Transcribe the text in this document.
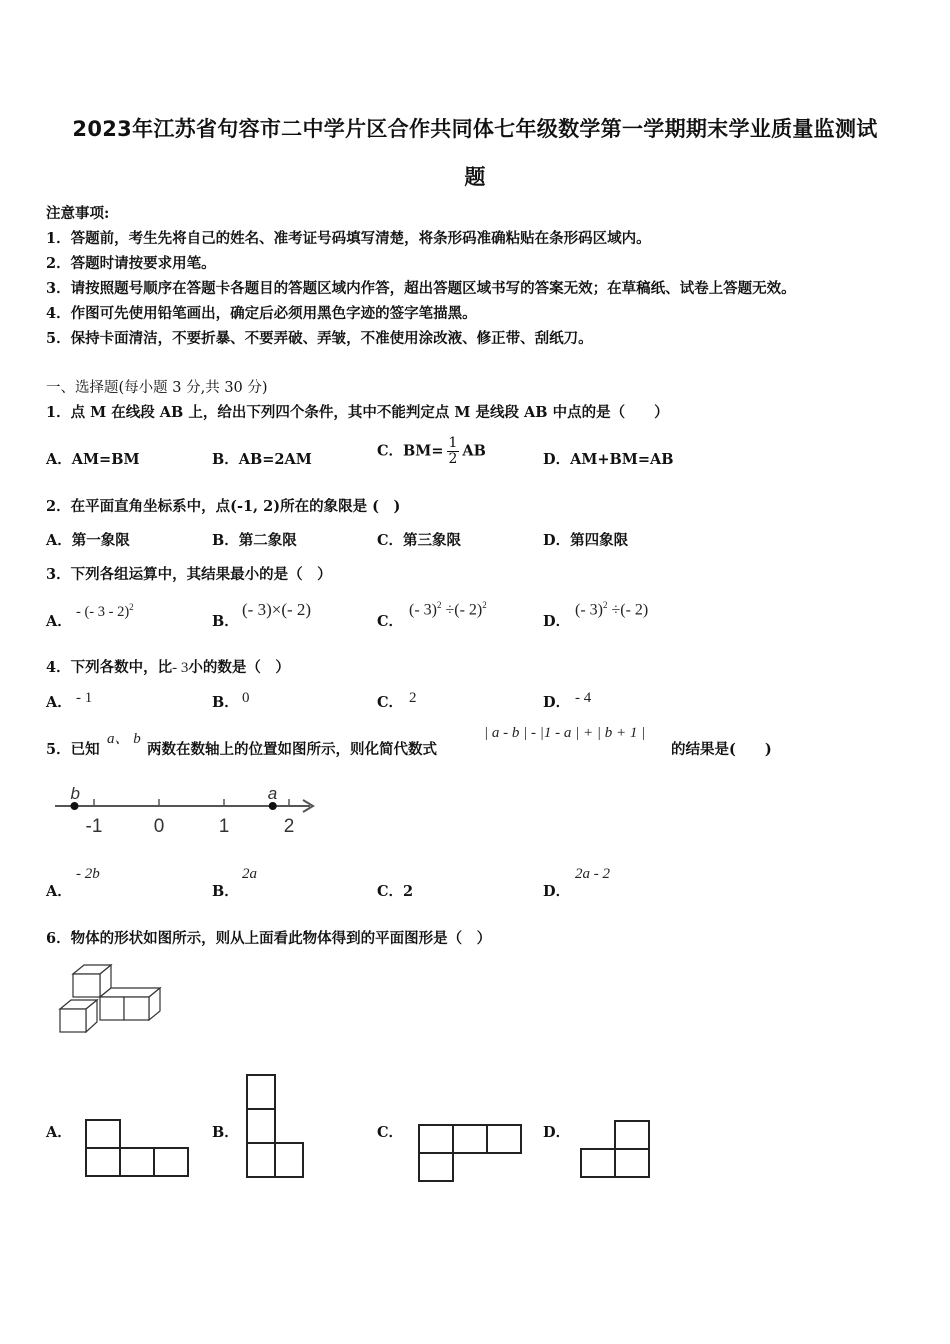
2023年江苏省句容市二中学片区合作共同体七年级数学第一学期期末学业质量监测试
题
注意事项:
1．答题前，考生先将自己的姓名、准考证号码填写清楚，将条形码准确粘贴在条形码区域内。
2．答题时请按要求用笔。
3．请按照题号顺序在答题卡各题目的答题区域内作答，超出答题区域书写的答案无效；在草稿纸、试卷上答题无效。
4．作图可先使用铅笔画出，确定后必须用黑色字迹的签字笔描黑。
5．保持卡面清洁，不要折暴、不要弄破、弄皱，不准使用涂改液、修正带、刮纸刀。
一、选择题(每小题 3 分,共 30 分)
1．点 M 在线段 AB 上，给出下列四个条件，其中不能判定点 M 是线段 AB 中点的是（　　）
A．AM=BM	B．AB=2AM	C．$BM= \frac{1}{2}$ AB	D．AM+BM=AB
2．在平面直角坐标系中，点(-1, 2)所在的象限是 (　)
A．第一象限	B．第二象限	C．第三象限	D．第四象限
3．下列各组运算中，其结果最小的是（　）
A．
- (- 3 - 2)$^2$
B．
(- 3)×(- 2)
C．
(- 3)$^2$ ÷(- 2)$^2$
D．
(- 3)$^2$ ÷(- 2)
4．下列各数中，比- 3小的数是（　）
A． - 1	B． 0	C． 2	D． - 4
5．已知
a、 b
两数在数轴上的位置如图所示，则化简代数式
| a - b | - |1 - a | + | b + 1 |
的结果是(　　)
-1	0	1	2
b	a
A．
- 2b
B．
2a
C．2	D．
2a - 2
6．物体的形状如图所示，则从上面看此物体得到的平面图形是（　）
A．	B．	C．	D．
